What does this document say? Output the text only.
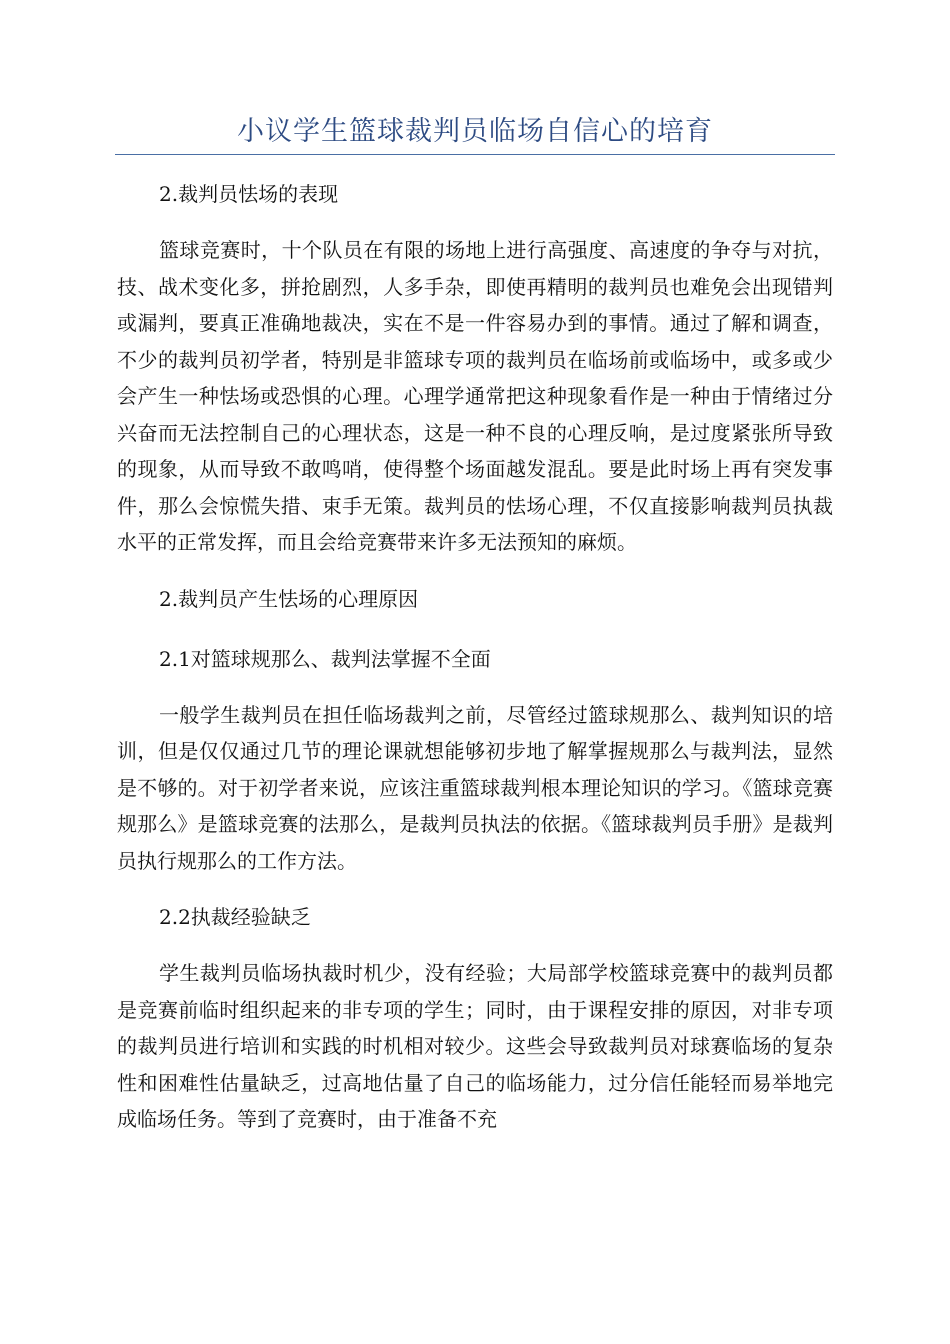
小议学生篮球裁判员临场自信心的培育

2.裁判员怯场的表现

篮球竞赛时，十个队员在有限的场地上进行高强度、高速度的争夺与对抗，技、战术变化多，拼抢剧烈，人多手杂，即使再精明的裁判员也难免会出现错判或漏判，要真正准确地裁决，实在不是一件容易办到的事情。通过了解和调查，不少的裁判员初学者，特别是非篮球专项的裁判员在临场前或临场中，或多或少会产生一种怯场或恐惧的心理。心理学通常把这种现象看作是一种由于情绪过分兴奋而无法控制自己的心理状态，这是一种不良的心理反响，是过度紧张所导致的现象，从而导致不敢鸣哨，使得整个场面越发混乱。要是此时场上再有突发事件，那么会惊慌失措、束手无策。裁判员的怯场心理，不仅直接影响裁判员执裁水平的正常发挥，而且会给竞赛带来许多无法预知的麻烦。

2.裁判员产生怯场的心理原因

2.1对篮球规那么、裁判法掌握不全面

一般学生裁判员在担任临场裁判之前，尽管经过篮球规那么、裁判知识的培训，但是仅仅通过几节的理论课就想能够初步地了解掌握规那么与裁判法，显然是不够的。对于初学者来说，应该注重篮球裁判根本理论知识的学习。《篮球竞赛规那么》是篮球竞赛的法那么，是裁判员执法的依据。《篮球裁判员手册》是裁判员执行规那么的工作方法。

2.2执裁经验缺乏

学生裁判员临场执裁时机少，没有经验；大局部学校篮球竞赛中的裁判员都是竞赛前临时组织起来的非专项的学生；同时，由于课程安排的原因，对非专项的裁判员进行培训和实践的时机相对较少。这些会导致裁判员对球赛临场的复杂性和困难性估量缺乏，过高地估量了自己的临场能力，过分信任能轻而易举地完成临场任务。等到了竞赛时，由于准备不充
